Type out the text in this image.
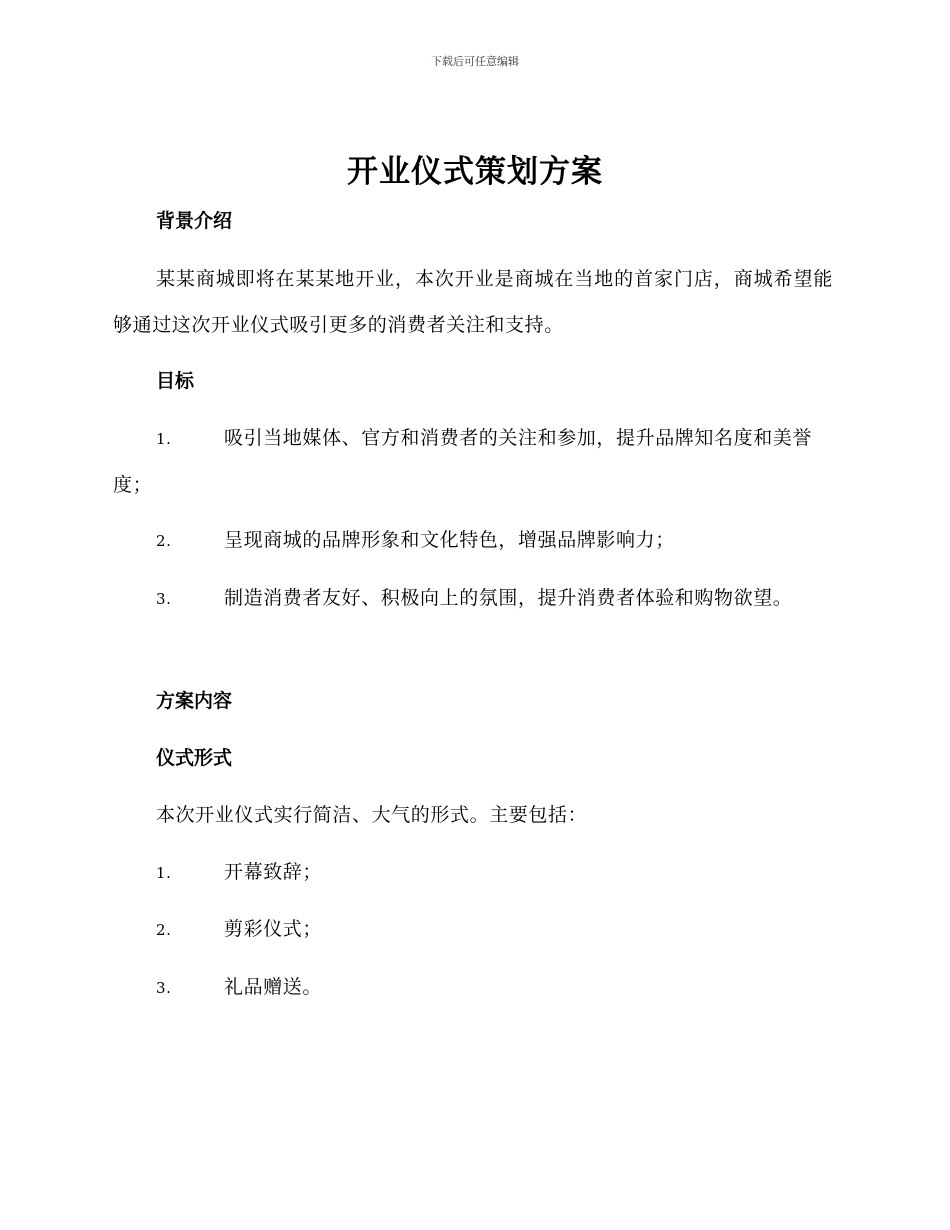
下载后可任意编辑
开业仪式策划方案
背景介绍

某某商城即将在某某地开业，本次开业是商城在当地的首家门店，商城希望能够通过这次开业仪式吸引更多的消费者关注和支持。

目标

1.	吸引当地媒体、官方和消费者的关注和参加，提升品牌知名度和美誉度；

2.	呈现商城的品牌形象和文化特色，增强品牌影响力；

3.	制造消费者友好、积极向上的氛围，提升消费者体验和购物欲望。

方案内容
仪式形式

本次开业仪式实行简洁、大气的形式。主要包括：

1.	开幕致辞；

2.	剪彩仪式；

3.	礼品赠送。
